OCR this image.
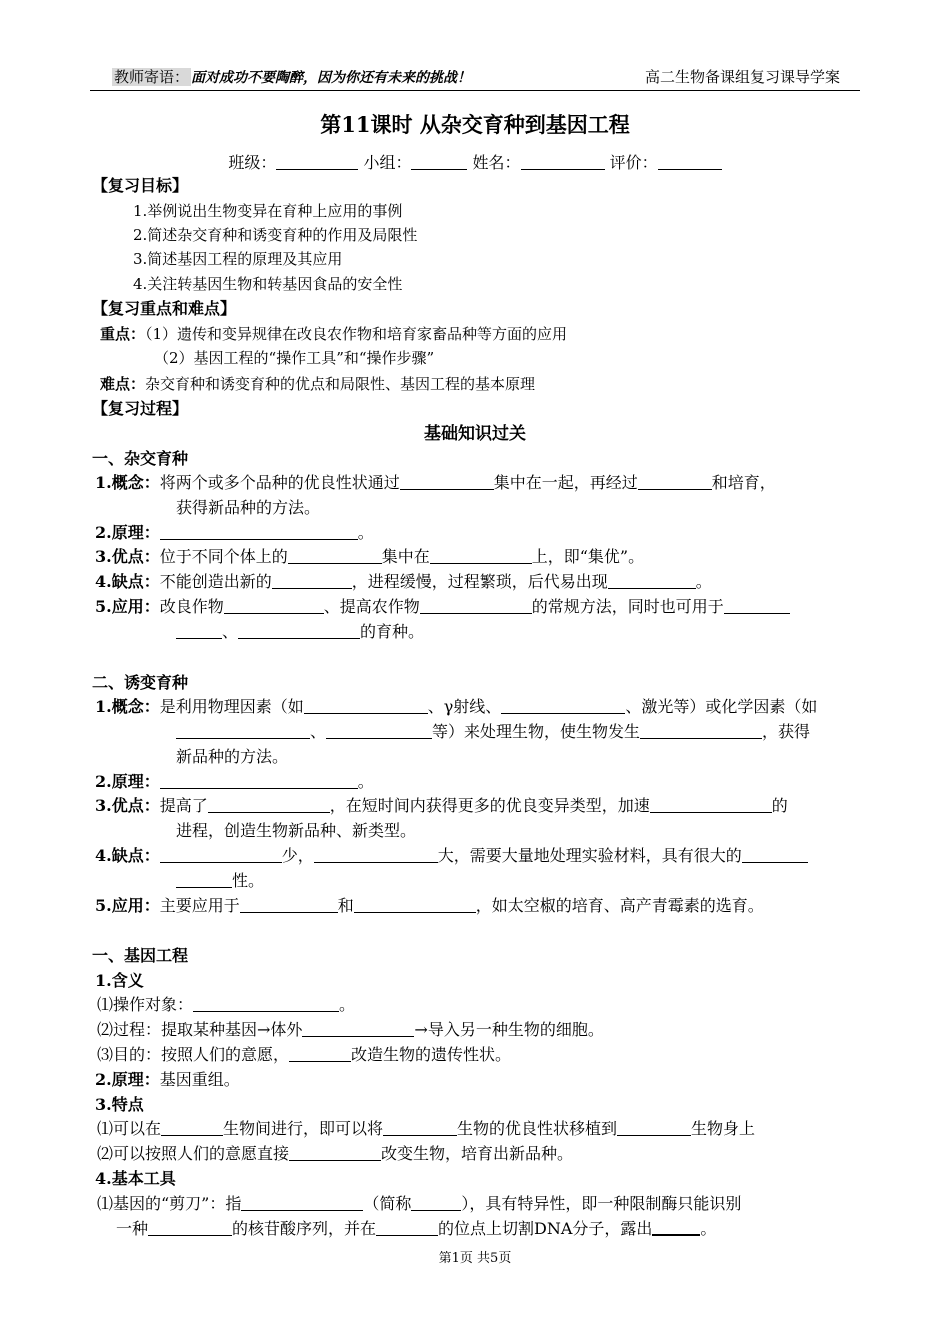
教师寄语： 面对成功不要陶醉，因为你还有未来的挑战！	高二生物备课组复习课导学案
第11课时 从杂交育种到基因工程
班级：	小组：	姓名：	评价：
【复习目标】
1.举例说出生物变异在育种上应用的事例
2.简述杂交育种和诱变育种的作用及局限性
3.简述基因工程的原理及其应用
4.关注转基因生物和转基因食品的安全性
【复习重点和难点】
重点：（1）遗传和变异规律在改良农作物和培育家畜品种等方面的应用
（2）基因工程的“操作工具”和“操作步骤”
难点：杂交育种和诱变育种的优点和局限性、基因工程的基本原理
【复习过程】
基础知识过关
一、杂交育种
1.概念：将两个或多个品种的优良性状通过	集中在一起，再经过	和培育，
获得新品种的方法。
2.原理：	。
3.优点：位于不同个体上的	集中在	上，即“集优”。
4.缺点：不能创造出新的	，进程缓慢，过程繁琐，后代易出现	。
5.应用：改良作物	、提高农作物	的常规方法，同时也可用于
、	的育种。
二、诱变育种
1.概念：是利用物理因素（如	、γ射线、	、激光等）或化学因素（如
、	等）来处理生物，使生物发生	，获得
新品种的方法。
2.原理：	。
3.优点：提高了	，在短时间内获得更多的优良变异类型，加速	的
进程，创造生物新品种、新类型。
4.缺点：	少，	大，需要大量地处理实验材料，具有很大的
性。
5.应用：主要应用于	和	，如太空椒的培育、高产青霉素的选育。
一、基因工程
1.含义
⑴操作对象：	。
⑵过程：提取某种基因→体外	→导入另一种生物的细胞。
⑶目的：按照人们的意愿，	改造生物的遗传性状。
2.原理：基因重组。
3.特点
⑴可以在	生物间进行，即可以将	生物的优良性状移植到	生物身上
⑵可以按照人们的意愿直接	改变生物，培育出新品种。
4.基本工具
⑴基因的“剪刀”：指	（简称	），具有特异性，即一种限制酶只能识别
一种	的核苷酸序列，并在	的位点上切割DNA分子，露出	。
第1页 共5页
